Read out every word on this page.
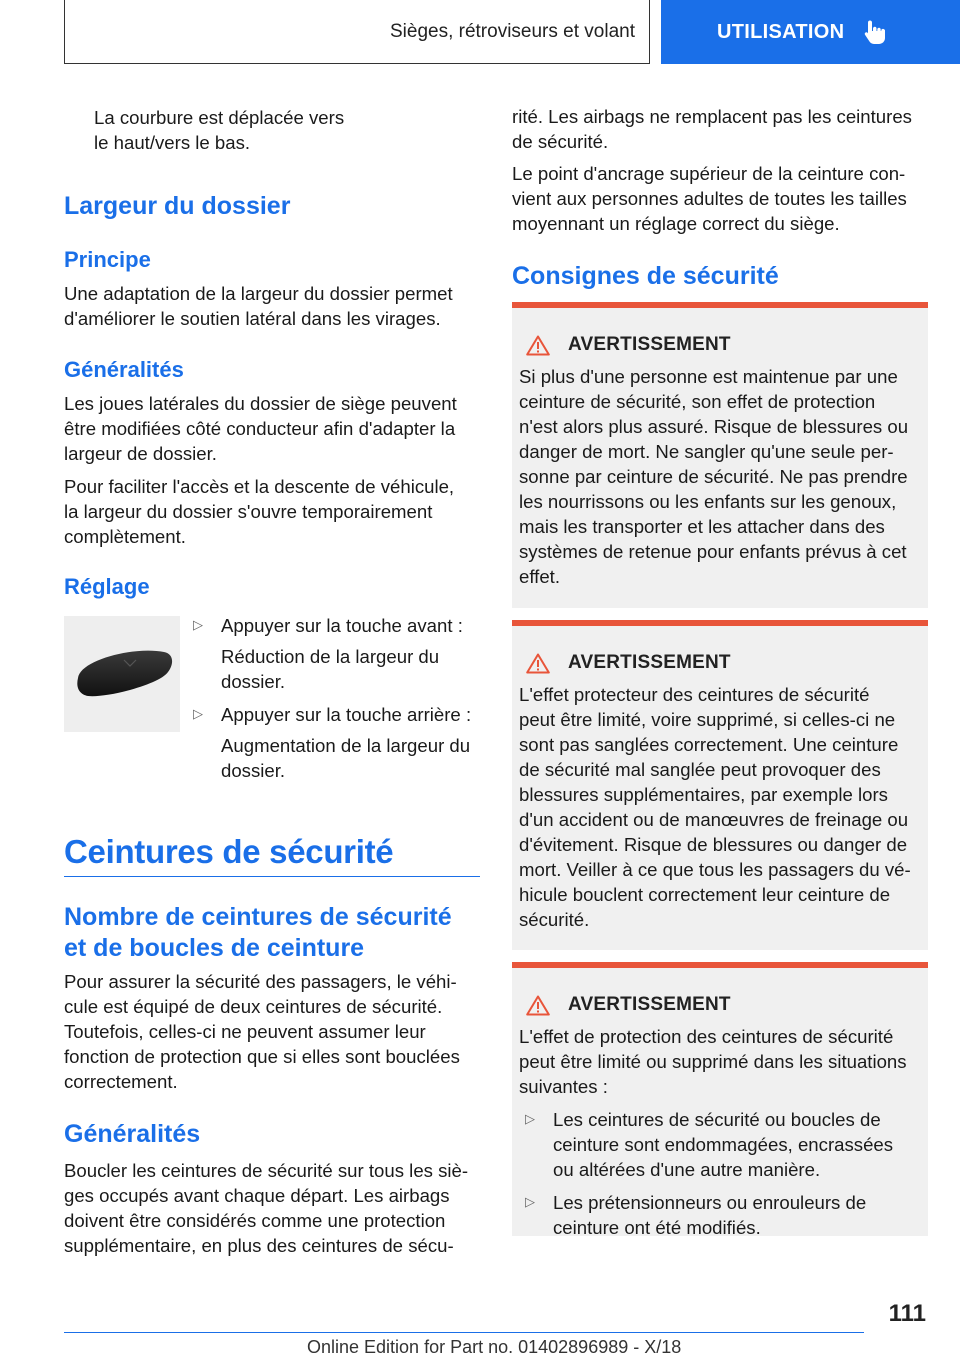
Sièges, rétroviseurs et volant	UTILISATION

La courbure est déplacée vers

le haut/vers le bas.

Largeur du dossier
Principe

Une adaptation de la largeur du dossier permet

d'améliorer le soutien latéral dans les virages.

Généralités

Les joues latérales du dossier de siège peuvent

être modifiées côté conducteur afin d'adapter la

largeur de dossier.

Pour faciliter l'accès et la descente de véhicule,

la largeur du dossier s'ouvre temporairement

complètement.

Réglage
▷ Appuyer sur la touche avant :

Réduction de la largeur du

dossier.

▷ Appuyer sur la touche arrière :

Augmentation de la largeur du

dossier.

Ceintures de sécurité
Nombre de ceintures de sécurité
et de boucles de ceinture

Pour assurer la sécurité des passagers, le véhi-

cule est équipé de deux ceintures de sécurité.

Toutefois, celles-ci ne peuvent assumer leur

fonction de protection que si elles sont bouclées

correctement.

Généralités

Boucler les ceintures de sécurité sur tous les siè-

ges occupés avant chaque départ. Les airbags

doivent être considérés comme une protection

supplémentaire, en plus des ceintures de sécu-

rité. Les airbags ne remplacent pas les ceintures

de sécurité.

Le point d'ancrage supérieur de la ceinture con-

vient aux personnes adultes de toutes les tailles

moyennant un réglage correct du siège.

Consignes de sécurité
AVERTISSEMENT

Si plus d'une personne est maintenue par une

ceinture de sécurité, son effet de protection

n'est alors plus assuré. Risque de blessures ou

danger de mort. Ne sangler qu'une seule per-

sonne par ceinture de sécurité. Ne pas prendre

les nourrissons ou les enfants sur les genoux,

mais les transporter et les attacher dans des

systèmes de retenue pour enfants prévus à cet

effet.

AVERTISSEMENT

L'effet protecteur des ceintures de sécurité

peut être limité, voire supprimé, si celles-ci ne

sont pas sanglées correctement. Une ceinture

de sécurité mal sanglée peut provoquer des

blessures supplémentaires, par exemple lors

d'un accident ou de manœuvres de freinage ou

d'évitement. Risque de blessures ou danger de

mort. Veiller à ce que tous les passagers du vé-

hicule bouclent correctement leur ceinture de

sécurité.

AVERTISSEMENT

L'effet de protection des ceintures de sécurité

peut être limité ou supprimé dans les situations

suivantes :

▷ Les ceintures de sécurité ou boucles de

ceinture sont endommagées, encrassées

ou altérées d'une autre manière.

▷ Les prétensionneurs ou enrouleurs de

ceinture ont été modifiés.

111
Online Edition for Part no. 01402896989 - X/18
